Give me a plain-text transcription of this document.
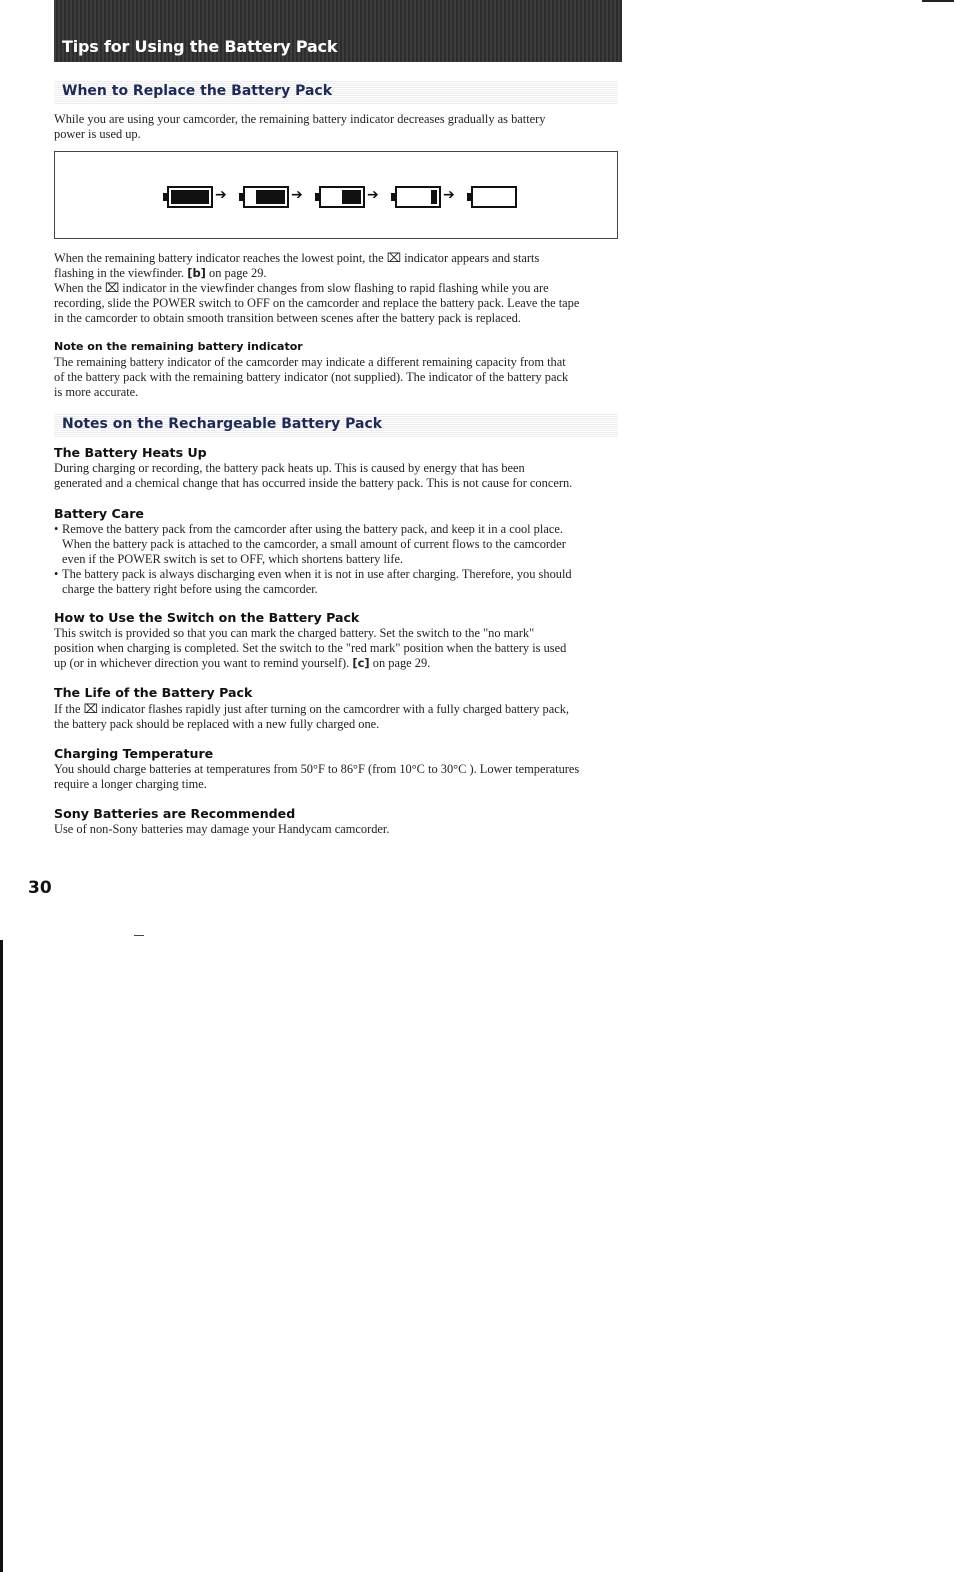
Tips for Using the Battery Pack
When to Replace the Battery Pack
While you are using your camcorder, the remaining battery indicator decreases gradually as battery
power is used up.
➔	➔	➔	➔
When the remaining battery indicator reaches the lowest point, the ⌧ indicator appears and starts
flashing in the viewfinder. [b] on page 29.
When the ⌧ indicator in the viewfinder changes from slow flashing to rapid flashing while you are
recording, slide the POWER switch to OFF on the camcorder and replace the battery pack. Leave the tape
in the camcorder to obtain smooth transition between scenes after the battery pack is replaced.
Note on the remaining battery indicator
The remaining battery indicator of the camcorder may indicate a different remaining capacity from that
of the battery pack with the remaining battery indicator (not supplied). The indicator of the battery pack
is more accurate.
Notes on the Rechargeable Battery Pack
The Battery Heats Up
During charging or recording, the battery pack heats up. This is caused by energy that has been
generated and a chemical change that has occurred inside the battery pack. This is not cause for concern.
Battery Care
• Remove the battery pack from the camcorder after using the battery pack, and keep it in a cool place.
When the battery pack is attached to the camcorder, a small amount of current flows to the camcorder
even if the POWER switch is set to OFF, which shortens battery life.
• The battery pack is always discharging even when it is not in use after charging. Therefore, you should
charge the battery right before using the camcorder.
How to Use the Switch on the Battery Pack
This switch is provided so that you can mark the charged battery. Set the switch to the "no mark"
position when charging is completed. Set the switch to the "red mark" position when the battery is used
up (or in whichever direction you want to remind yourself). [c] on page 29.
The Life of the Battery Pack
If the ⌧ indicator flashes rapidly just after turning on the camcordrer with a fully charged battery pack,
the battery pack should be replaced with a new fully charged one.
Charging Temperature
You should charge batteries at temperatures from 50°F to 86°F (from 10°C to 30°C ). Lower temperatures
require a longer charging time.
Sony Batteries are Recommended
Use of non-Sony batteries may damage your Handycam camcorder.
30
